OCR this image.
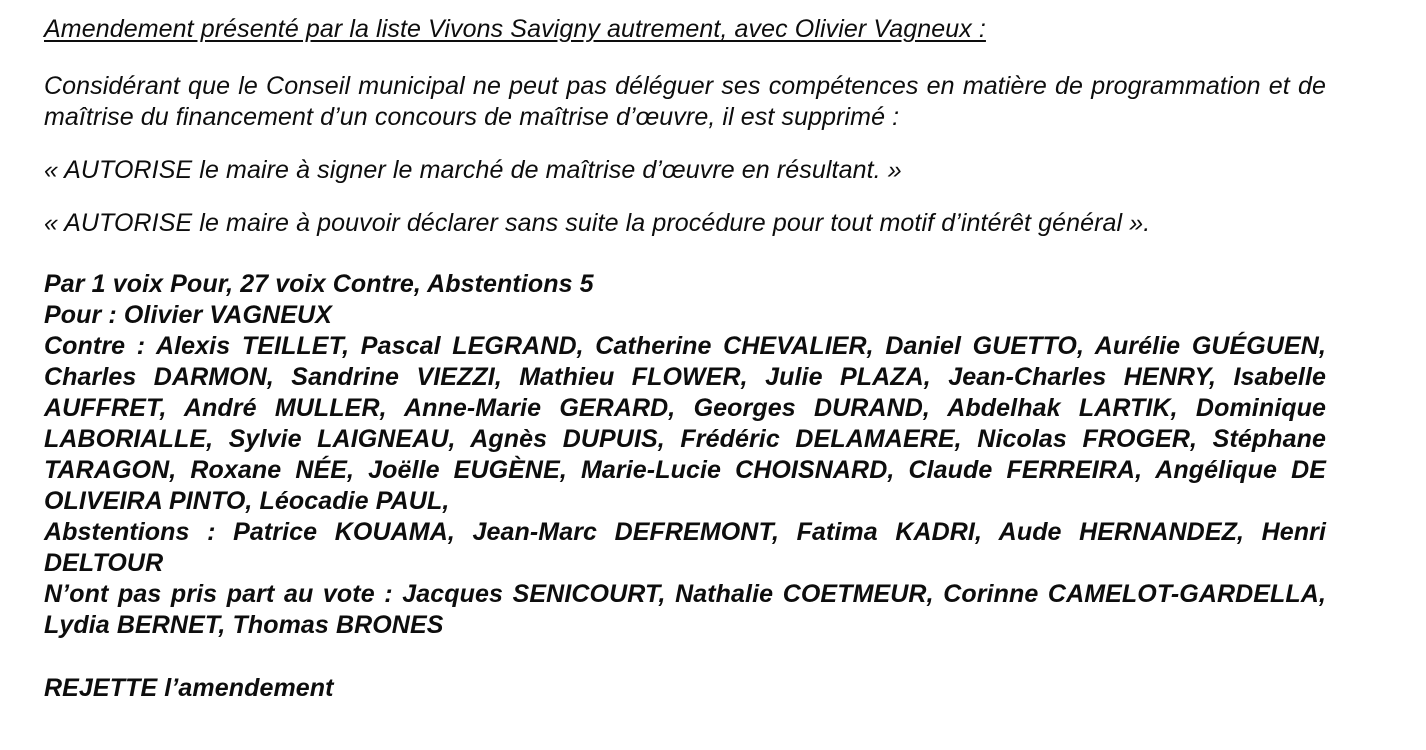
Amendement présenté par la liste Vivons Savigny autrement, avec Olivier Vagneux :
Considérant que le Conseil municipal ne peut pas déléguer ses compétences en matière de programmation et de maîtrise du financement d’un concours de maîtrise d’œuvre, il est supprimé :
« AUTORISE le maire à signer le marché de maîtrise d’œuvre en résultant. »
« AUTORISE le maire à pouvoir déclarer sans suite la procédure pour tout motif d’intérêt général ».
Par 1 voix Pour, 27 voix Contre, Abstentions 5
Pour : Olivier VAGNEUX
Contre : Alexis TEILLET, Pascal LEGRAND, Catherine CHEVALIER, Daniel GUETTO, Aurélie GUÉGUEN, Charles DARMON, Sandrine VIEZZI, Mathieu FLOWER, Julie PLAZA, Jean-Charles HENRY, Isabelle AUFFRET, André MULLER, Anne-Marie GERARD, Georges DURAND, Abdelhak LARTIK, Dominique LABORIALLE, Sylvie LAIGNEAU, Agnès DUPUIS, Frédéric DELAMAERE, Nicolas FROGER, Stéphane TARAGON, Roxane NÉE, Joëlle EUGÈNE, Marie-Lucie CHOISNARD, Claude FERREIRA, Angélique DE OLIVEIRA PINTO, Léocadie PAUL,
Abstentions : Patrice KOUAMA, Jean-Marc DEFREMONT, Fatima KADRI, Aude HERNANDEZ, Henri DELTOUR
N’ont pas pris part au vote : Jacques SENICOURT, Nathalie COETMEUR, Corinne CAMELOT-GARDELLA, Lydia BERNET, Thomas BRONES
REJETTE l’amendement
